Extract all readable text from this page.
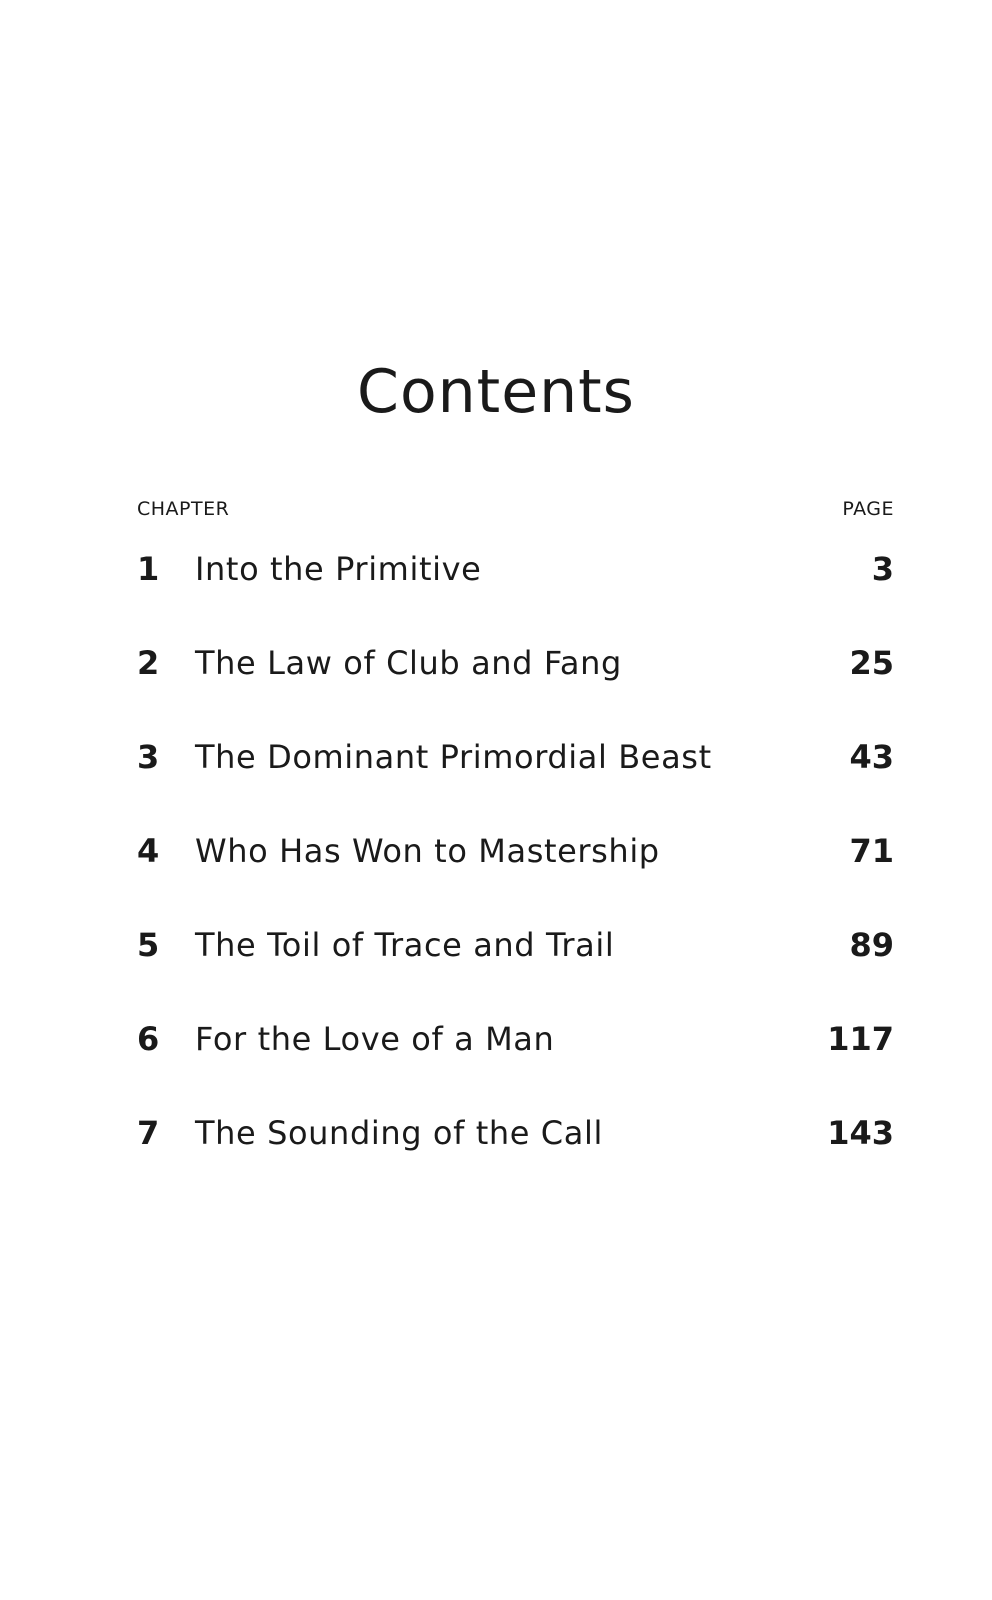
Contents
CHAPTER	PAGE
1 Into the Primitive	3
2 The Law of Club and Fang	25
3 The Dominant Primordial Beast	43
4 Who Has Won to Mastership	71
5 The Toil of Trace and Trail	89
6 For the Love of a Man	117
7 The Sounding of the Call	143
